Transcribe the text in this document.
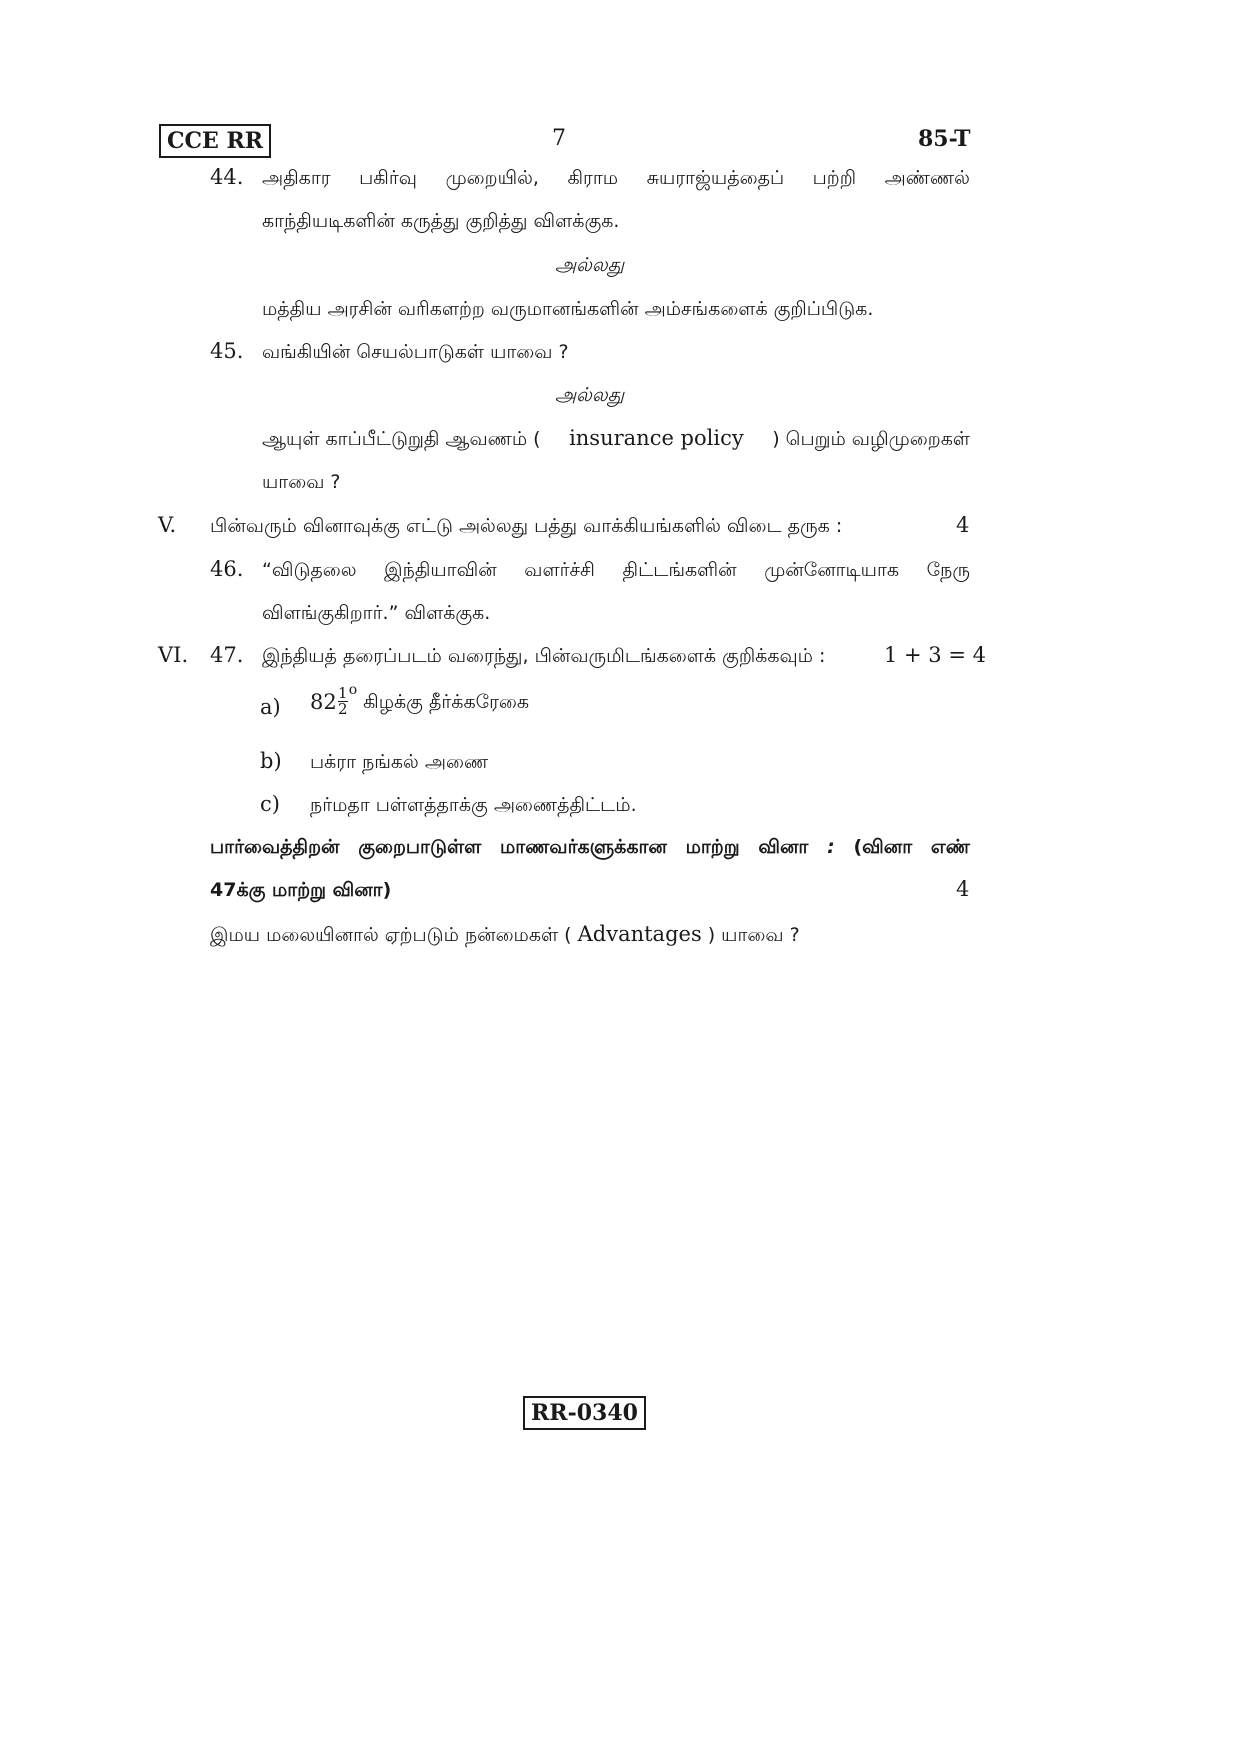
CCE RR	7	85-T
44. அதிகார பகிர்வு முறையில், கிராம சுயராஜ்யத்தைப் பற்றி அண்ணல்
காந்தியடிகளின் கருத்து குறித்து விளக்குக.
அல்லது
மத்திய அரசின் வரிகளற்ற வருமானங்களின் அம்சங்களைக் குறிப்பிடுக.
45. வங்கியின் செயல்பாடுகள் யாவை ?
அல்லது
ஆயுள் காப்பீட்டுறுதி ஆவணம் ( insurance policy ) பெறும் வழிமுறைகள்
யாவை ?
V. பின்வரும் வினாவுக்கு எட்டு அல்லது பத்து வாக்கியங்களில் விடை தருக :	4
46. “விடுதலை இந்தியாவின் வளர்ச்சி திட்டங்களின் முன்னோடியாக நேரு
விளங்குகிறார்.” விளக்குக.
VI. 47. இந்தியத் தரைப்படம் வரைந்து, பின்வருமிடங்களைக் குறிக்கவும் :	1 + 3 = 4
a) $82 \frac{1}{2}$ o
கிழக்கு தீர்க்கரேகை
b) பக்ரா நங்கல் அணை
c) நர்மதா பள்ளத்தாக்கு அணைத்திட்டம்.
பார்வைத்திறன் குறைபாடுள்ள மாணவர்களுக்கான மாற்று வினா : (வினா எண்
47க்கு மாற்று வினா)	4
இமய மலையினால் ஏற்படும் நன்மைகள் ( Advantages ) யாவை ?
RR-0340
